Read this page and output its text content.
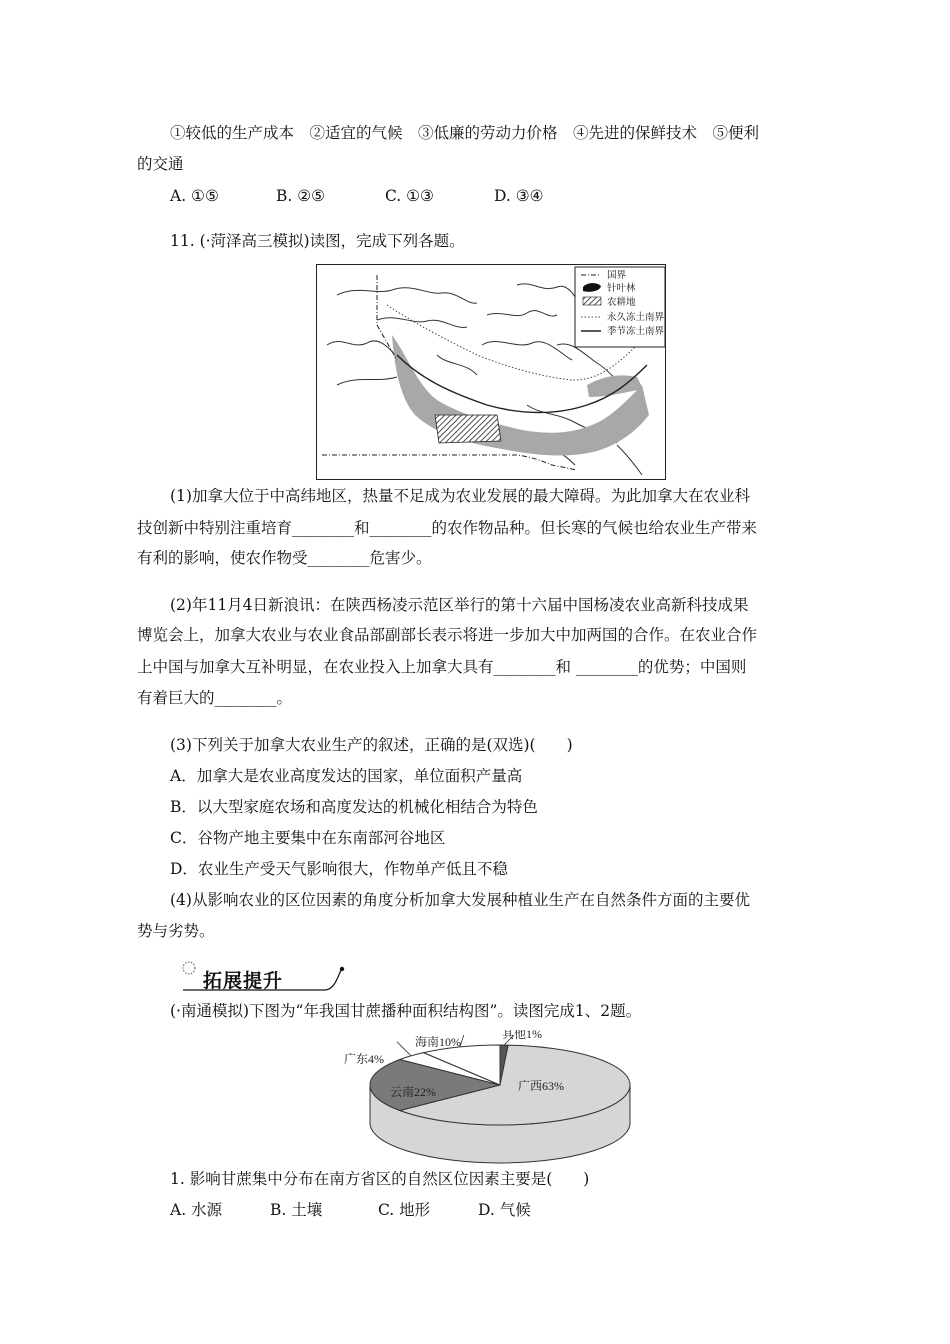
①较低的生产成本　②适宜的气候　③低廉的劳动力价格　④先进的保鲜技术　⑤便利
的交通
A. ①⑤	B. ②⑤	C. ①③	D. ③④
11. (·菏泽高三模拟)读图，完成下列各题。
国界
针叶林
农耕地
永久冻土南界
季节冻土南界
(1)加拿大位于中高纬地区，热量不足成为农业发展的最大障碍。为此加拿大在农业科
技创新中特别注重培育________和________的农作物品种。但长寒的气候也给农业生产带来
有利的影响，使农作物受________危害少。
(2)年11月4日新浪讯：在陕西杨凌示范区举行的第十六届中国杨凌农业高新科技成果
博览会上，加拿大农业与农业食品部副部长表示将进一步加大中加两国的合作。在农业合作
上中国与加拿大互补明显，在农业投入上加拿大具有________和 ________的优势；中国则
有着巨大的________。
(3)下列关于加拿大农业生产的叙述，正确的是(双选)(　　)
A．加拿大是农业高度发达的国家，单位面积产量高
B．以大型家庭农场和高度发达的机械化相结合为特色
C．谷物产地主要集中在东南部河谷地区
D．农业生产受天气影响很大，作物单产低且不稳
(4)从影响农业的区位因素的角度分析加拿大发展种植业生产在自然条件方面的主要优
势与劣势。
拓展提升
(·南通模拟)下图为“年我国甘蔗播种面积结构图”。读图完成1、2题。
广西63%
云南22%
广东4%
海南10%
其他1%
1. 影响甘蔗集中分布在南方省区的自然区位因素主要是(　　)
A. 水源	B. 土壤	C. 地形	D. 气候
